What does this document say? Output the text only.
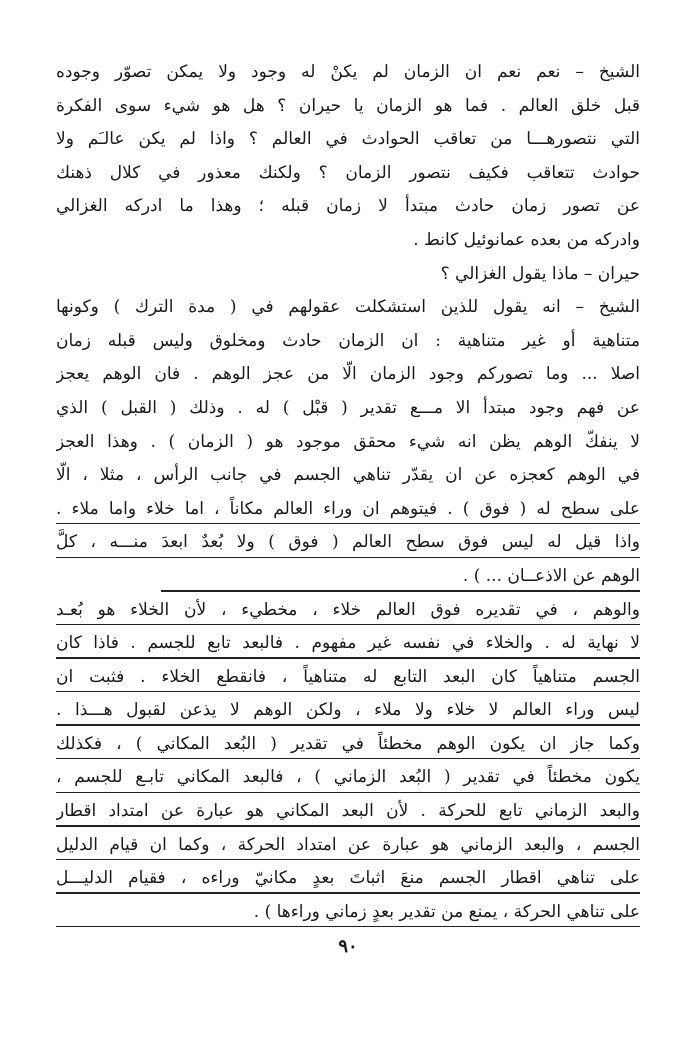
الشيخ – نعم نعم ان الزمان لم يكنْ له وجود ولا يمكن تصوّر وجوده
قبل خلق العالم . فما هو الزمان يا حيران ؟ هل هو شيء سوى الفكرة
التي نتصورهـــا من تعاقب الحوادث في العالم ؟ واذا لم يكن عالـَم ولا
حوادث تتعاقب فكيف نتصور الزمان ؟ ولكنك معذور في كلال ذهنك
عن تصور زمان حادث مبتدأ لا زمان قبله ؛ وهذا ما ادركه الغزالي
وادركه من بعده عمانوئيل كانط .
حيران – ماذا يقول الغزالي ؟
الشيخ – انه يقول للذين استشكلت عقولهم في ( مدة الترك ) وكونها
متناهية أو غير متناهية : ان الزمان حادث ومخلوق وليس قبله زمان
اصلا ... وما تصوركم وجود الزمان الّا من عجز الوهم . فان الوهم يعجز
عن فهم وجود مبتدأ الا مـــع تقدير ( قبْل ) له . وذلك ( القبل ) الذي
لا ينفكّ الوهم يظن انه شيء محقق موجود هو ( الزمان ) . وهذا العجز
في الوهم كعجزه عن ان يقدّر تناهي الجسم في جانب الرأس ، مثلا ، الّا
على سطح له ( فوق ) . فيتوهم ان وراء العالم مكاناً ، اما خلاء واما ملاء .
واذا قيل له ليس فوق سطح العالم ( فوق ) ولا بُعدٌ ابعدَ منـــه ، كلَّ
الوهم عن الاذعــان ... ) .
والوهم ، في تقديره فوق العالم خلاء ، مخطيء ، لأن الخلاء هو بُعـد
لا نهاية له . والخلاء في نفسه غير مفهوم . فالبعد تابع للجسم . فاذا كان
الجسم متناهياً كان البعد التابع له متناهياً ، فانقطع الخلاء . فثبت ان
ليس وراء العالم لا خلاء ولا ملاء ، ولكن الوهم لا يذعن لقبول هـــذا .
وكما جاز ان يكون الوهم مخطئاً في تقدير ( البُعد المكاني ) ، فكذلك
يكون مخطئاً في تقدير ( البُعد الزماني ) ، فالبعد المكاني تابـع للجسم ،
والبعد الزماني تابع للحركة . لأن البعد المكاني هو عبارة عن امتداد اقطار
الجسم ، والبعد الزماني هو عبارة عن امتداد الحركة ، وكما ان قيام الدليل
على تناهي اقطار الجسم منعَ اثباتَ بعدٍ مكانيّ وراءه ، فقيام الدليـــل
على تناهي الحركة ، يمنع من تقدير بعدٍ زماني وراءها ) .
٩٠
